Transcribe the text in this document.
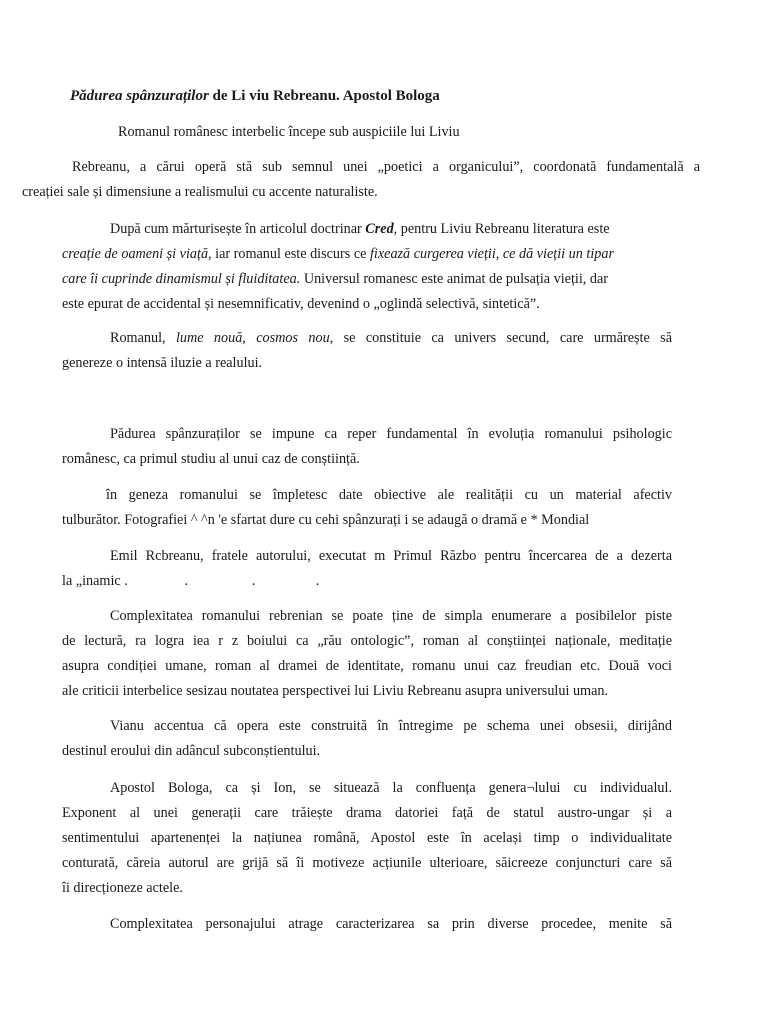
Pădurea spânzuraților de Li viu Rebreanu. Apostol Bologa
Romanul românesc interbelic începe sub auspiciile lui Liviu
Rebreanu, a cărui operă stă sub semnul unei „poetici a organicului”, coordonată fundamentală a
creației sale și dimensiune a realismului cu accente naturaliste.
După cum mărturisește în articolul doctrinar Cred, pentru Liviu Rebreanu literatura este
creație de oameni și viață, iar romanul este discurs ce fixează curgerea vieții, ce dă vieții un tipar
care îi cuprinde dinamismul și fluiditatea. Universul romanesc este animat de pulsația vieții, dar
este epurat de accidental și nesemnificativ, devenind o „oglindă selectivă, sintetică”.
Romanul, lume nouă, cosmos nou, se constituie ca univers secund, care urmărește să
genereze o intensă iluzie a realului.
Pădurea spânzuraților se impune ca reper fundamental în evoluția romanului psihologic
românesc, ca primul studiu al unui caz de conștiință.
în geneza romanului se împletesc date obiective ale realității cu un material afectiv
tulburător. Fotografiei ^ ^n 'e sfartat dure cu cehi spânzurați i se adaugă o dramă e * Mondial
Emil Rcbreanu, fratele autorului, executat m Primul Războ pentru încercarea de a dezerta
la „inamic .                .                  .                 .
Complexitatea romanului rebrenian se poate ține de simpla enumerare a posibilelor piste
de lectură, ra logra iea r z boiului ca „rău ontologic”, roman al conștiinței naționale, meditație
asupra condiției umane, roman al dramei de identitate, romanu unui caz freudian etc. Două voci
ale criticii interbelice sesizau noutatea perspectivei lui Liviu Rebreanu asupra universului uman.
Vianu accentua că opera este construită în întregime pe schema unei obsesii, dirijând
destinul eroului din adâncul subconștientului.
Apostol Bologa, ca și Ion, se situează la confluența genera¬lului cu individualul.
Exponent al unei generații care trăiește drama datoriei față de statul austro-ungar și a
sentimentului apartenenței la națiunea română, Apostol este în același timp o individualitate
conturată, căreia autorul are grijă să îi motiveze acțiunile ulterioare, săicreeze conjuncturi care să
îi direcționeze actele.
Complexitatea personajului atrage caracterizarea sa prin diverse procedee, menite să
